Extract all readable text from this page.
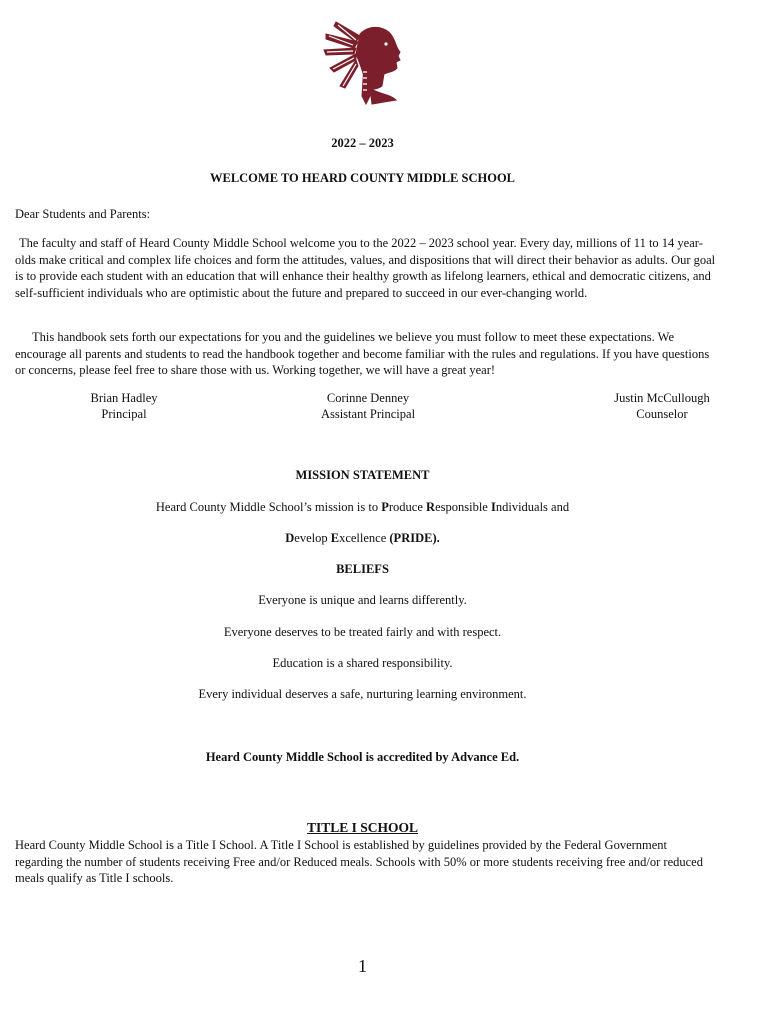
2022 – 2023
WELCOME TO HEARD COUNTY MIDDLE SCHOOL

Dear Students and Parents:

The faculty and staff of Heard County Middle School welcome you to the 2022 – 2023 school year. Every day, millions of 11 to 14 year-olds make critical and complex life choices and form the attitudes, values, and dispositions that will direct their behavior as adults. Our goal is to provide each student with an education that will enhance their healthy growth as lifelong learners, ethical and democratic citizens, and self-sufficient individuals who are optimistic about the future and prepared to succeed in our ever-changing world.

This handbook sets forth our expectations for you and the guidelines we believe you must follow to meet these expectations. We encourage all parents and students to read the handbook together and become familiar with the rules and regulations. If you have questions or concerns, please feel free to share those with us. Working together, we will have a great year!

Brian Hadley
Principal
Corinne Denney
Assistant Principal
Justin McCullough
Counselor
MISSION STATEMENT
Heard County Middle School’s mission is to Produce Responsible Individuals and
Develop Excellence (PRIDE).
BELIEFS
Everyone is unique and learns differently.
Everyone deserves to be treated fairly and with respect.
Education is a shared responsibility.
Every individual deserves a safe, nurturing learning environment.
Heard County Middle School is accredited by Advance Ed.
TITLE I SCHOOL

Heard County Middle School is a Title I School. A Title I School is established by guidelines provided by the Federal Government regarding the number of students receiving Free and/or Reduced meals. Schools with 50% or more students receiving free and/or reduced meals qualify as Title I schools.

1
